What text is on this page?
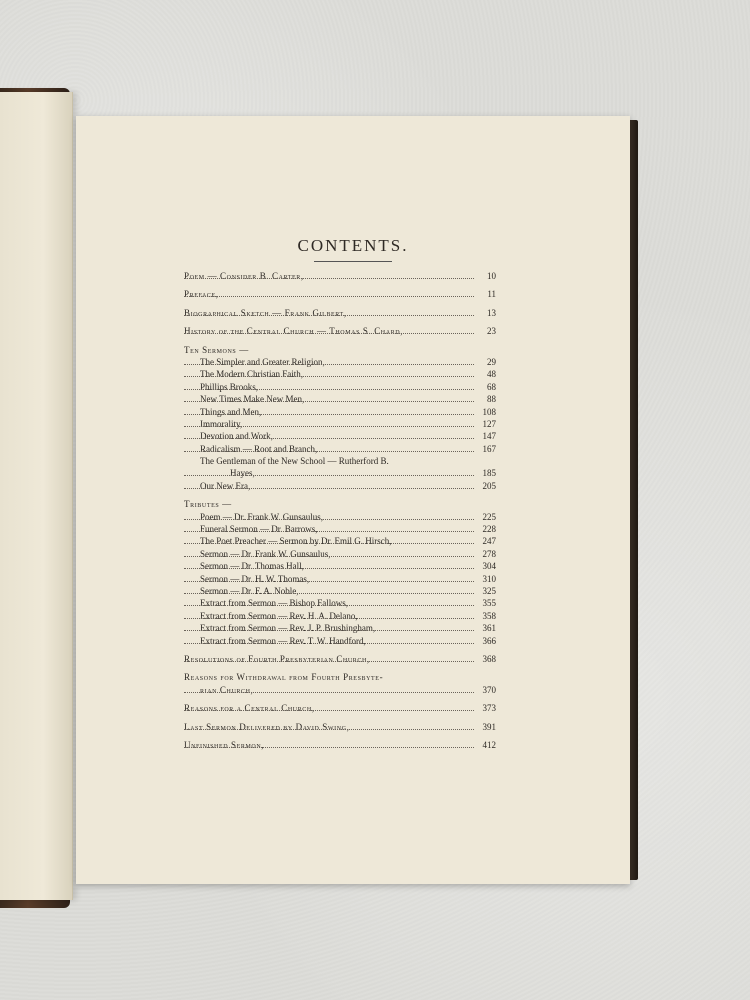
CONTENTS.
Poem — Consider B. Carter,	10
Preface,	11
Biographical Sketch — Frank Gilbert,	13
History of the Central Church — Thomas S. Chard,	23
Ten Sermons —
The Simpler and Greater Religion,	29
The Modern Christian Faith,	48
Phillips Brooks,	68
New Times Make New Men,	88
Things and Men,	108
Immorality,	127
Devotion and Work,	147
Radicalism — Root and Branch,	167
The Gentleman of the New School — Rutherford B.
Hayes,	185
Our New Era,	205
Tributes —
Poem — Dr. Frank W. Gunsaulus,	225
Funeral Sermon — Dr. Barrows,	228
The Poet Preacher — Sermon by Dr. Emil G. Hirsch,	247
Sermon — Dr. Frank W. Gunsaulus,	278
Sermon — Dr. Thomas Hall,	304
Sermon — Dr. H. W. Thomas,	310
Sermon — Dr. F. A. Noble,	325
Extract from Sermon — Bishop Fallows,	355
Extract from Sermon — Rev. H. A. Delano,	358
Extract from Sermon — Rev. J. P. Brushingham,	361
Extract from Sermon — Rev. T. W. Handford,	366
Resolutions of Fourth Presbyterian Church,	368
Reasons for Withdrawal from Fourth Presbyte-
rian Church,	370
Reasons for a Central Church,	373
Last Sermon Delivered by David Swing,	391
Unfinished Sermon,	412
